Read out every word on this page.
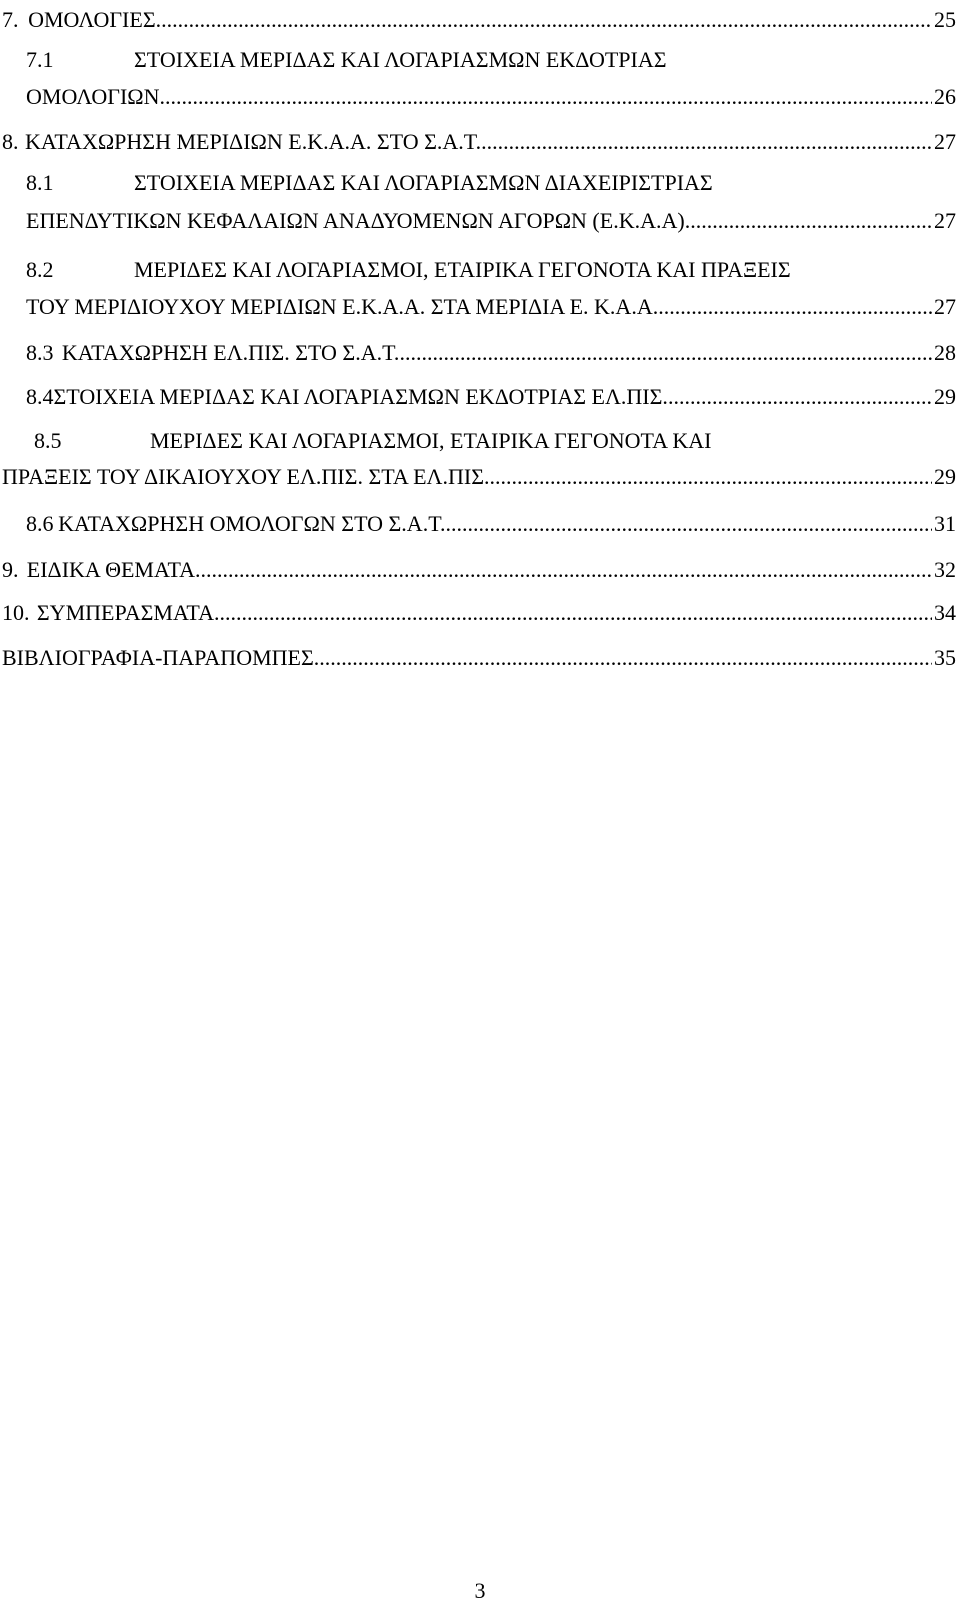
7. ΟΜΟΛΟΓΙΕΣ .....	25
7.1	ΣΤΟΙΧΕΙΑ ΜΕΡΙΔΑΣ ΚΑΙ ΛΟΓΑΡΙΑΣΜΩΝ ΕΚΔΟΤΡΙΑΣ
ΟΜΟΛΟΓΙΩΝ .....	26
8. ΚΑΤΑΧΩΡΗΣΗ ΜΕΡΙΔΙΩΝ Ε.Κ.Α.Α. ΣΤΟ Σ.Α.Τ. .....	27
8.1	ΣΤΟΙΧΕΙΑ ΜΕΡΙΔΑΣ ΚΑΙ ΛΟΓΑΡΙΑΣΜΩΝ ΔΙΑΧΕΙΡΙΣΤΡΙΑΣ
ΕΠΕΝΔΥΤΙΚΩΝ ΚΕΦΑΛΑΙΩΝ ΑΝΑΔΥΟΜΕΝΩΝ ΑΓΟΡΩΝ (Ε.Κ.Α.Α). .....	27
8.2	ΜΕΡΙΔΕΣ ΚΑΙ ΛΟΓΑΡΙΑΣΜΟΙ, ΕΤΑΙΡΙΚΑ ΓΕΓΟΝΟΤΑ ΚΑΙ ΠΡΑΞΕΙΣ
ΤΟΥ ΜΕΡΙΔΙΟΥΧΟΥ ΜΕΡΙΔΙΩΝ Ε.Κ.Α.Α. ΣΤΑ ΜΕΡΙΔΙΑ Ε. Κ.Α.Α. .....	27
8.3 ΚΑΤΑΧΩΡΗΣΗ ΕΛ.ΠΙΣ. ΣΤΟ Σ.Α.Τ. .....	28
8.4 ΣΤΟΙΧΕΙΑ ΜΕΡΙΔΑΣ ΚΑΙ ΛΟΓΑΡΙΑΣΜΩΝ ΕΚΔΟΤΡΙΑΣ ΕΛ.ΠΙΣ. .....	29
8.5	ΜΕΡΙΔΕΣ ΚΑΙ ΛΟΓΑΡΙΑΣΜΟΙ, ΕΤΑΙΡΙΚΑ ΓΕΓΟΝΟΤΑ ΚΑΙ
ΠΡΑΞΕΙΣ ΤΟΥ ΔΙΚΑΙΟΥΧΟΥ ΕΛ.ΠΙΣ. ΣΤΑ ΕΛ.ΠΙΣ. .....	29
8.6 ΚΑΤΑΧΩΡΗΣΗ ΟΜΟΛΟΓΩΝ ΣΤΟ Σ.Α.Τ. .....	31
9. ΕΙΔΙΚΑ ΘΕΜΑΤΑ .....	32
10. ΣΥΜΠΕΡΑΣΜΑΤΑ .....	34
ΒΙΒΛΙΟΓΡΑΦΙΑ-ΠΑΡΑΠΟΜΠΕΣ .....	35
3
